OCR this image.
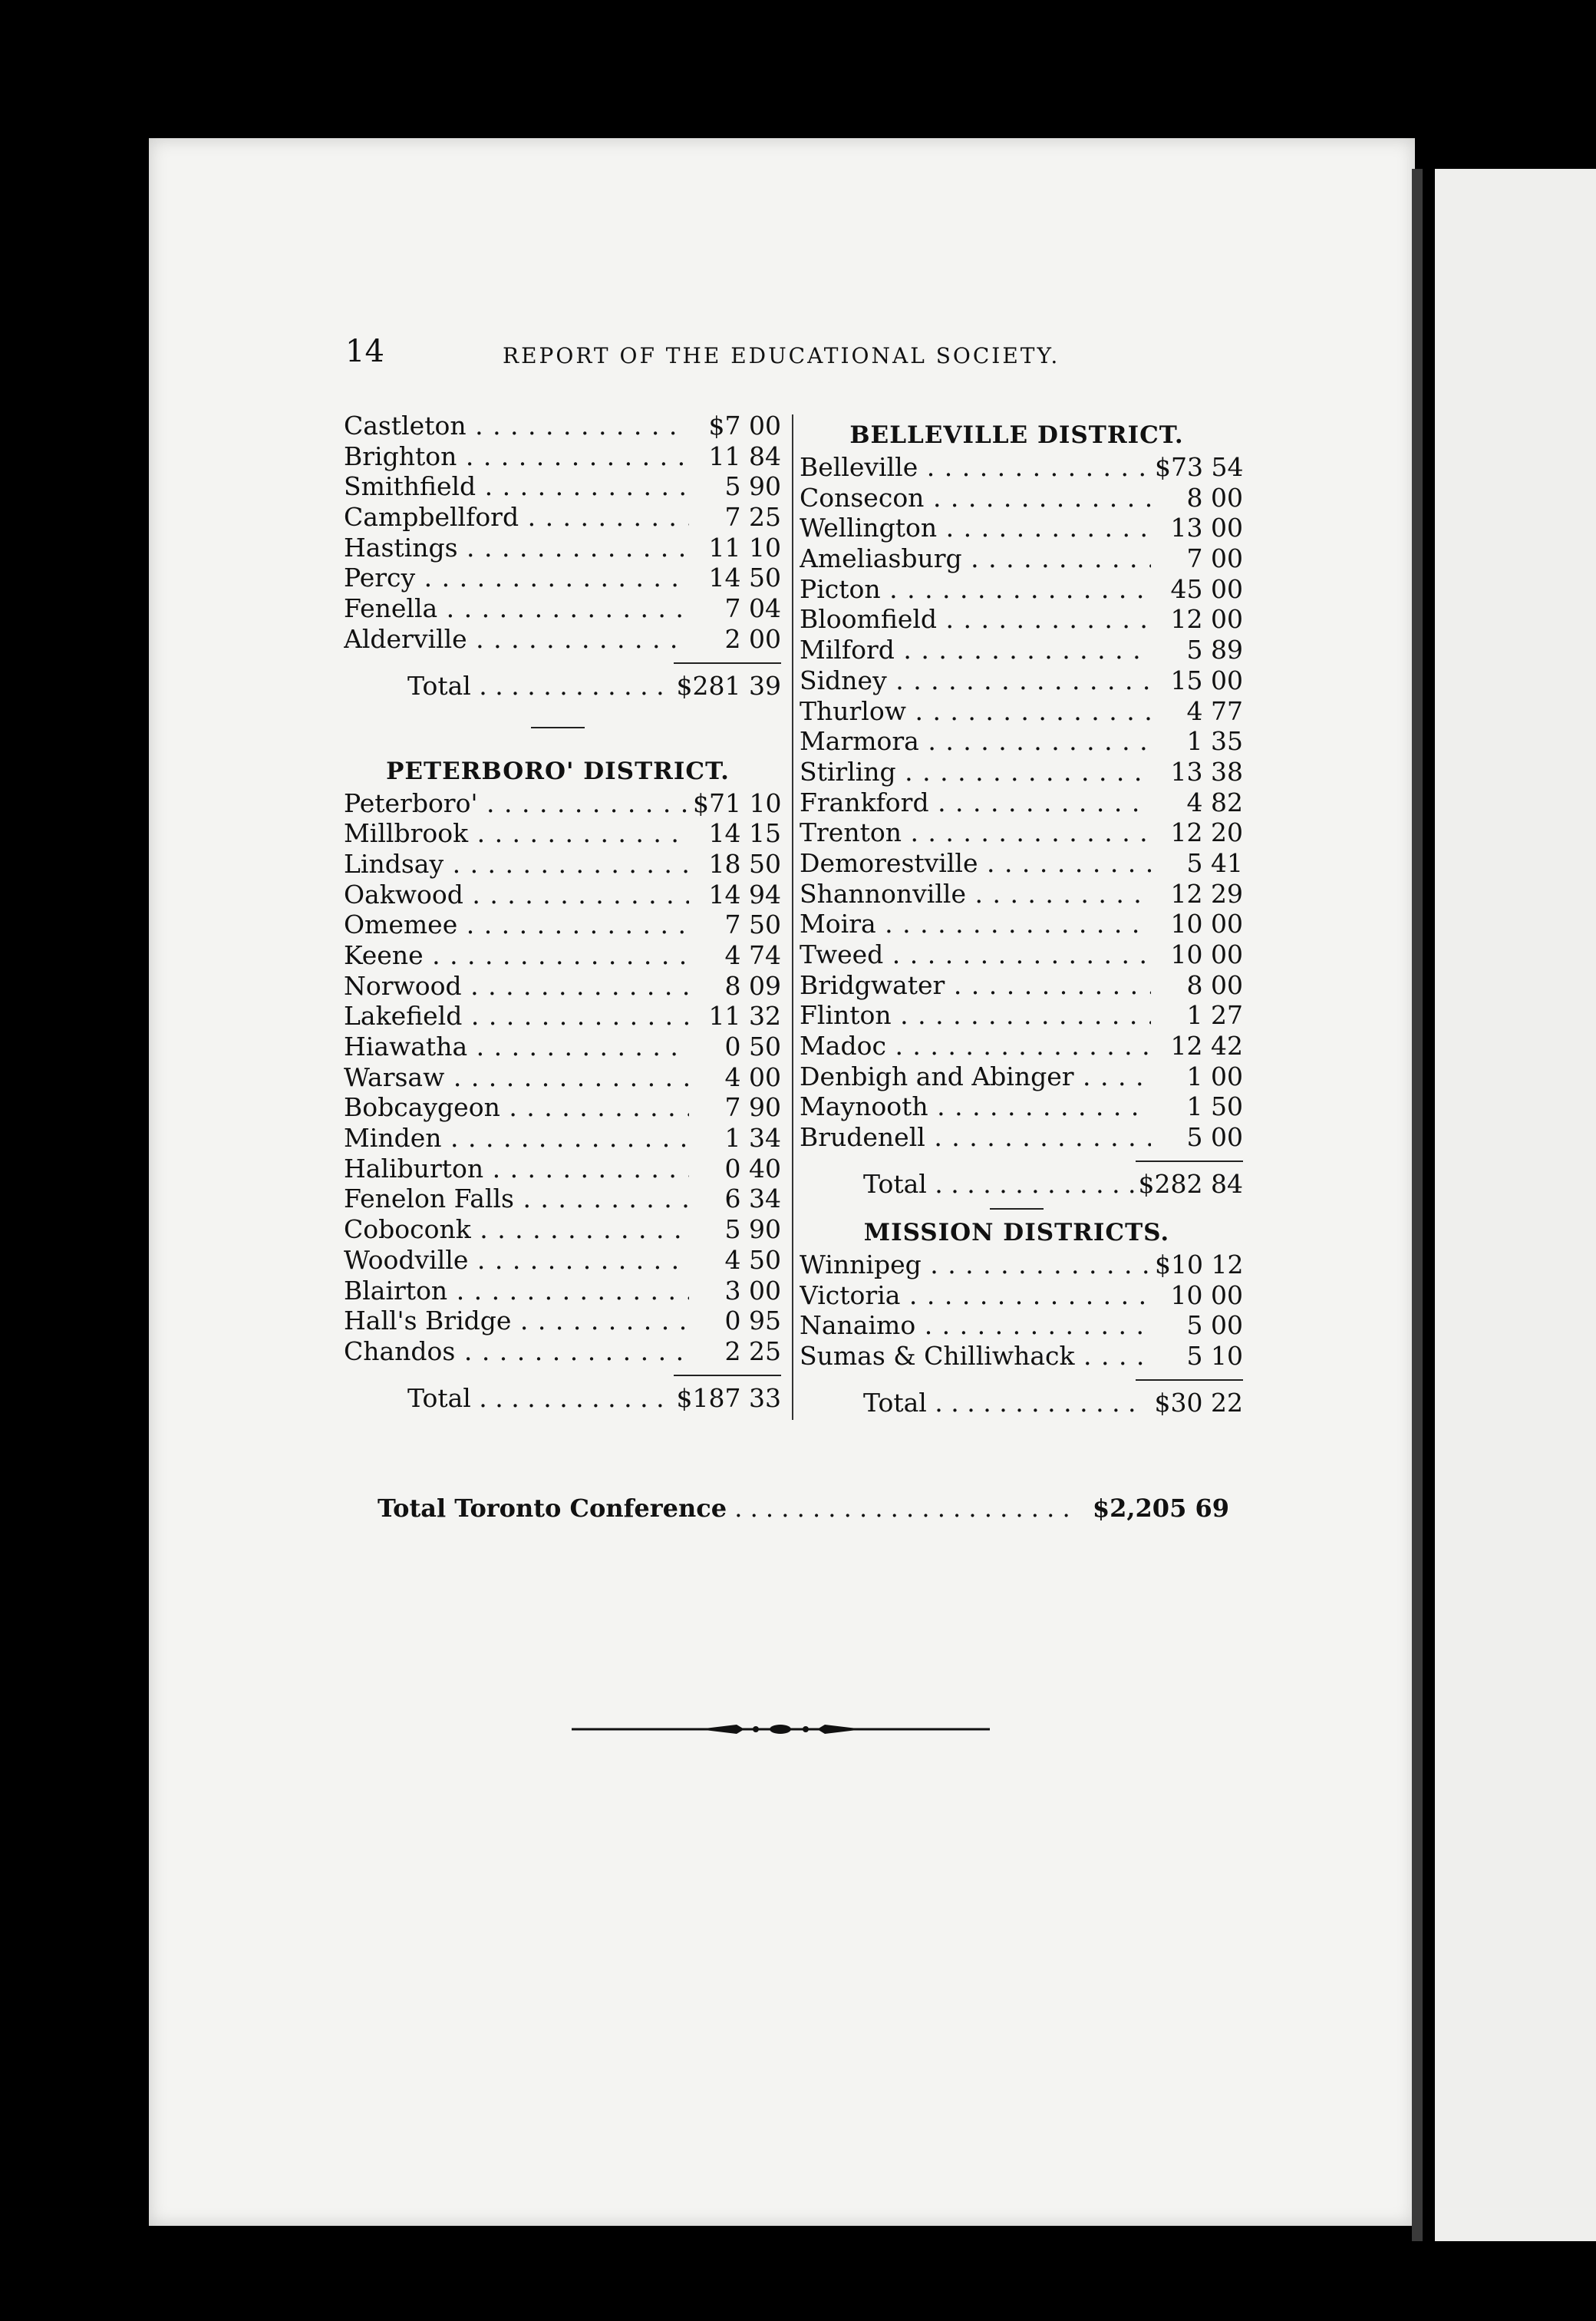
14	REPORT OF THE EDUCATIONAL SOCIETY.
Castleton . . .	$7 00
Brighton . . .	11 84
Smithfield . . .	5 90
Campbellford . . .	7 25
Hastings . . .	11 10
Percy . . .	14 50
Fenella . . .	7 04
Alderville . . .	2 00
Total . . .	$281 39
PETERBORO' DISTRICT.
Peterboro' . . .	$71 10
Millbrook . . .	14 15
Lindsay . . .	18 50
Oakwood . . .	14 94
Omemee . . .	7 50
Keene . . .	4 74
Norwood . . .	8 09
Lakefield . . .	11 32
Hiawatha . . .	0 50
Warsaw . . .	4 00
Bobcaygeon . . .	7 90
Minden . . .	1 34
Haliburton . . .	0 40
Fenelon Falls . . .	6 34
Coboconk . . .	5 90
Woodville . . .	4 50
Blairton . . .	3 00
Hall's Bridge . . .	0 95
Chandos . . .	2 25
Total . . .	$187 33
BELLEVILLE DISTRICT.
Belleville . . .	$73 54
Consecon . . .	8 00
Wellington . . .	13 00
Ameliasburg . . .	7 00
Picton . . .	45 00
Bloomfield . . .	12 00
Milford . . .	5 89
Sidney . . .	15 00
Thurlow . . .	4 77
Marmora . . .	1 35
Stirling . . .	13 38
Frankford . . .	4 82
Trenton . . .	12 20
Demorestville . . .	5 41
Shannonville . . .	12 29
Moira . . .	10 00
Tweed . . .	10 00
Bridgwater . . .	8 00
Flinton . . .	1 27
Madoc . . .	12 42
Denbigh and Abinger . . .	1 00
Maynooth . . .	1 50
Brudenell . . .	5 00
Total . . .	$282 84
MISSION DISTRICTS.
Winnipeg . . .	$10 12
Victoria . . .	10 00
Nanaimo . . .	5 00
Sumas & Chilliwhack . . .	5 10
Total . . .	$30 22
Total Toronto Conference . . .	$2,205 69
